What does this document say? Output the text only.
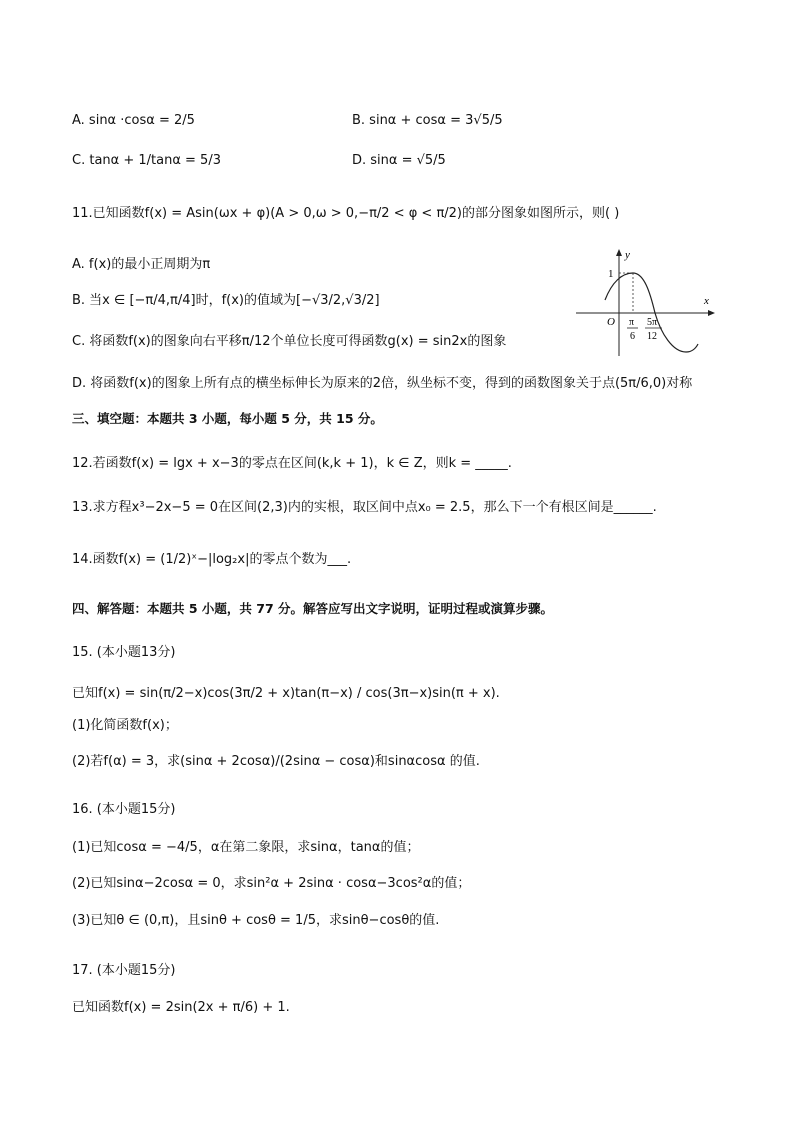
A. sinα ·cosα = 2/5	B. sinα + cosα = 3√5/5
C. tanα + 1/tanα = 5/3	D. sinα = √5/5
11.已知函数f(x) = Asin(ωx + φ)(A > 0,ω > 0,−π/2 < φ < π/2)的部分图象如图所示，则( )
A. f(x)的最小正周期为π
B. 当x ∈ [−π/4,π/4]时，f(x)的值域为[−√3/2,√3/2]
C. 将函数f(x)的图象向右平移π/12个单位长度可得函数g(x) = sin2x的图象
D. 将函数f(x)的图象上所有点的横坐标伸长为原来的2倍，纵坐标不变，得到的函数图象关于点(5π/6,0)对称
y
x
O
1
π
6
5π
12
三、填空题：本题共 3 小题，每小题 5 分，共 15 分。
12.若函数f(x) = lgx + x−3的零点在区间(k,k + 1)，k ∈ Z，则k = _____.
13.求方程x³−2x−5 = 0在区间(2,3)内的实根，取区间中点x₀ = 2.5，那么下一个有根区间是______.
14.函数f(x) = (1/2)ˣ−|log₂x|的零点个数为___.
四、解答题：本题共 5 小题，共 77 分。解答应写出文字说明，证明过程或演算步骤。
15. (本小题13分)
已知f(x) = sin(π/2−x)cos(3π/2 + x)tan(π−x) / cos(3π−x)sin(π + x).
(1)化简函数f(x)；
(2)若f(α) = 3，求(sinα + 2cosα)/(2sinα − cosα)和sinαcosα 的值.
16. (本小题15分)
(1)已知cosα = −4/5，α在第二象限，求sinα，tanα的值；
(2)已知sinα−2cosα = 0，求sin²α + 2sinα · cosα−3cos²α的值；
(3)已知θ ∈ (0,π)，且sinθ + cosθ = 1/5，求sinθ−cosθ的值.
17. (本小题15分)
已知函数f(x) = 2sin(2x + π/6) + 1.
